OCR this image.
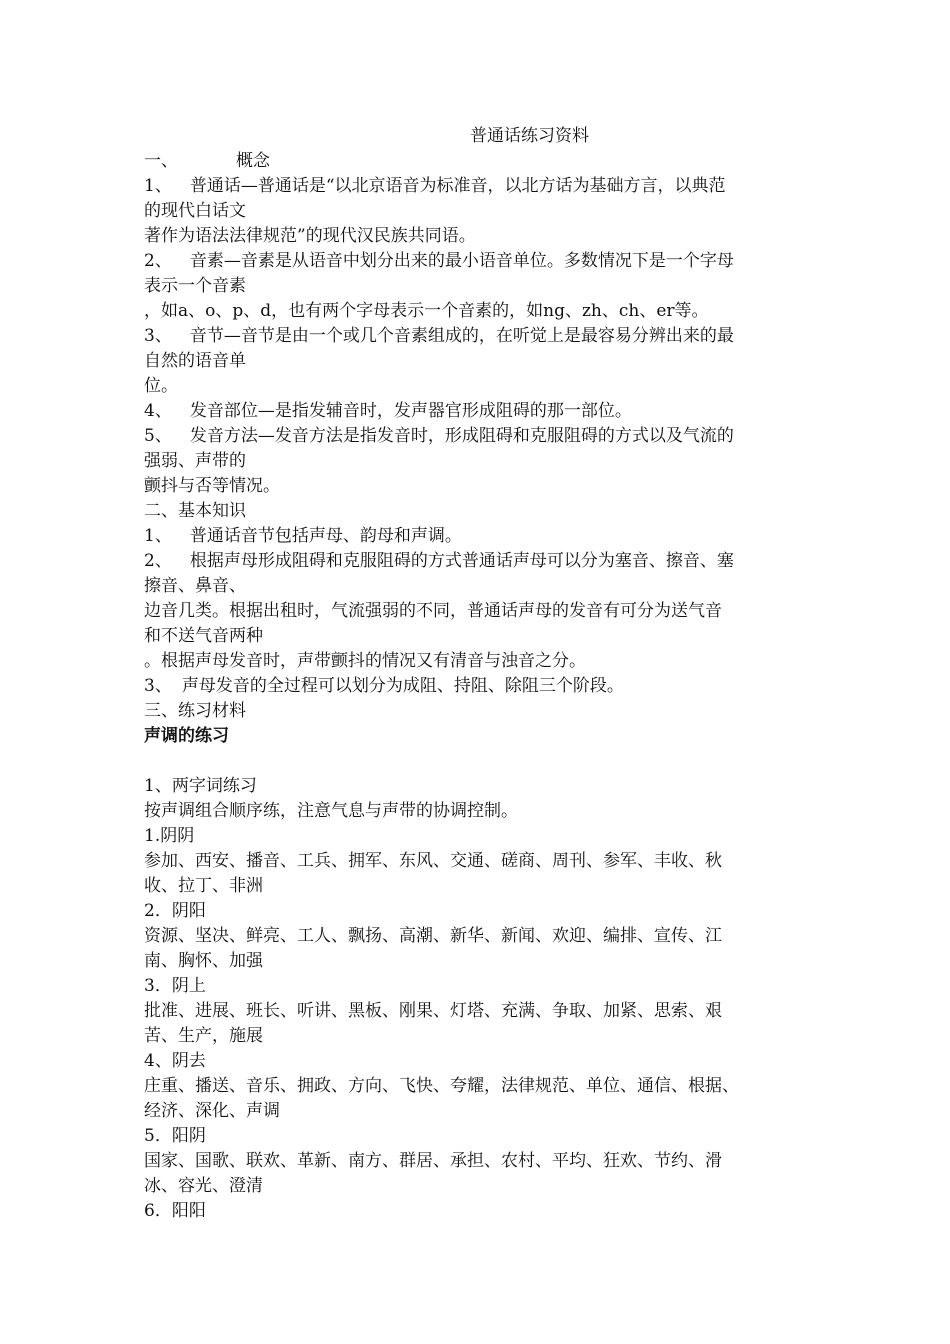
普通话练习资料
一、	概念
1、 普通话—普通话是“以北京语音为标准音，以北方话为基础方言，以典范
的现代白话文
著作为语法法律规范”的现代汉民族共同语。
2、 音素—音素是从语音中划分出来的最小语音单位。多数情况下是一个字母
表示一个音素
，如a、o、p、d，也有两个字母表示一个音素的，如ng、zh、ch、er等。
3、 音节—音节是由一个或几个音素组成的，在听觉上是最容易分辨出来的最
自然的语音单
位。
4、 发音部位—是指发辅音时，发声器官形成阻碍的那一部位。
5、 发音方法—发音方法是指发音时，形成阻碍和克服阻碍的方式以及气流的
强弱、声带的
颤抖与否等情况。
二、基本知识
1、 普通话音节包括声母、韵母和声调。
2、 根据声母形成阻碍和克服阻碍的方式普通话声母可以分为塞音、擦音、塞
擦音、鼻音、
边音几类。根据出租时，气流强弱的不同，普通话声母的发音有可分为送气音
和不送气音两种
。根据声母发音时，声带颤抖的情况又有清音与浊音之分。
3、 声母发音的全过程可以划分为成阻、持阻、除阻三个阶段。
三、练习材料
声调的练习
1、两字词练习
按声调组合顺序练，注意气息与声带的协调控制。
1.阴阴
参加、西安、播音、工兵、拥军、东风、交通、磋商、周刊、参军、丰收、秋
收、拉丁、非洲
2．阴阳
资源、坚决、鲜亮、工人、飘扬、高潮、新华、新闻、欢迎、编排、宣传、江
南、胸怀、加强
3．阴上
批准、进展、班长、听讲、黑板、刚果、灯塔、充满、争取、加紧、思索、艰
苦、生产，施展
4、阴去
庄重、播送、音乐、拥政、方向、飞快、夸耀，法律规范、单位、通信、根据、
经济、深化、声调
5．阳阴
国家、国歌、联欢、革新、南方、群居、承担、农村、平均、狂欢、节约、滑
冰、容光、澄清
6．阳阳
